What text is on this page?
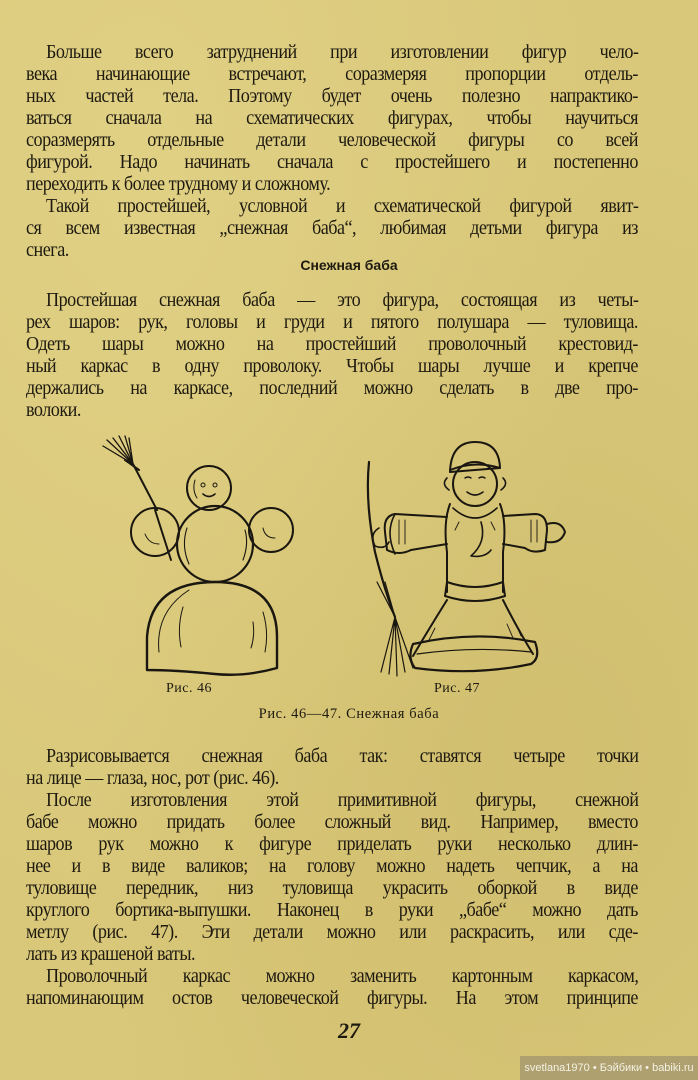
Больше всего затруднений при изготовлении фигур чело-
века начинающие встречают, соразмеряя пропорции отдель-
ных частей тела. Поэтому будет очень полезно напрактико-
ваться сначала на схематических фигурах, чтобы научиться
соразмерять отдельные детали человеческой фигуры со всей
фигурой. Надо начинать сначала с простейшего и постепенно
переходить к более трудному и сложному.
Такой простейшей, условной и схематической фигурой явит-
ся всем известная „снежная баба“, любимая детьми фигура из
снега.
Снежная баба
Простейшая снежная баба — это фигура, состоящая из четы-
рех шаров: рук, головы и груди и пятого полушара — туловища.
Одеть шары можно на простейший проволочный крестовид-
ный каркас в одну проволоку. Чтобы шары лучше и крепче
держались на каркасе, последний можно сделать в две про-
волоки.
Рис. 46	Рис. 47
Рис. 46—47. Снежная баба
Разрисовывается снежная баба так: ставятся четыре точки
на лице — глаза, нос, рот (рис. 46).
После изготовления этой примитивной фигуры, снежной
бабе можно придать более сложный вид. Например, вместо
шаров рук можно к фигуре приделать руки несколько длин-
нее и в виде валиков; на голову можно надеть чепчик, а на
туловище передник, низ туловища украсить оборкой в виде
круглого бортика-выпушки. Наконец в руки „бабе“ можно дать
метлу (рис. 47). Эти детали можно или раскрасить, или сде-
лать из крашеной ваты.
Проволочный каркас можно заменить картонным каркасом,
напоминающим остов человеческой фигуры. На этом принципе
27
svetlana1970 • Бэйбики • babiki.ru
